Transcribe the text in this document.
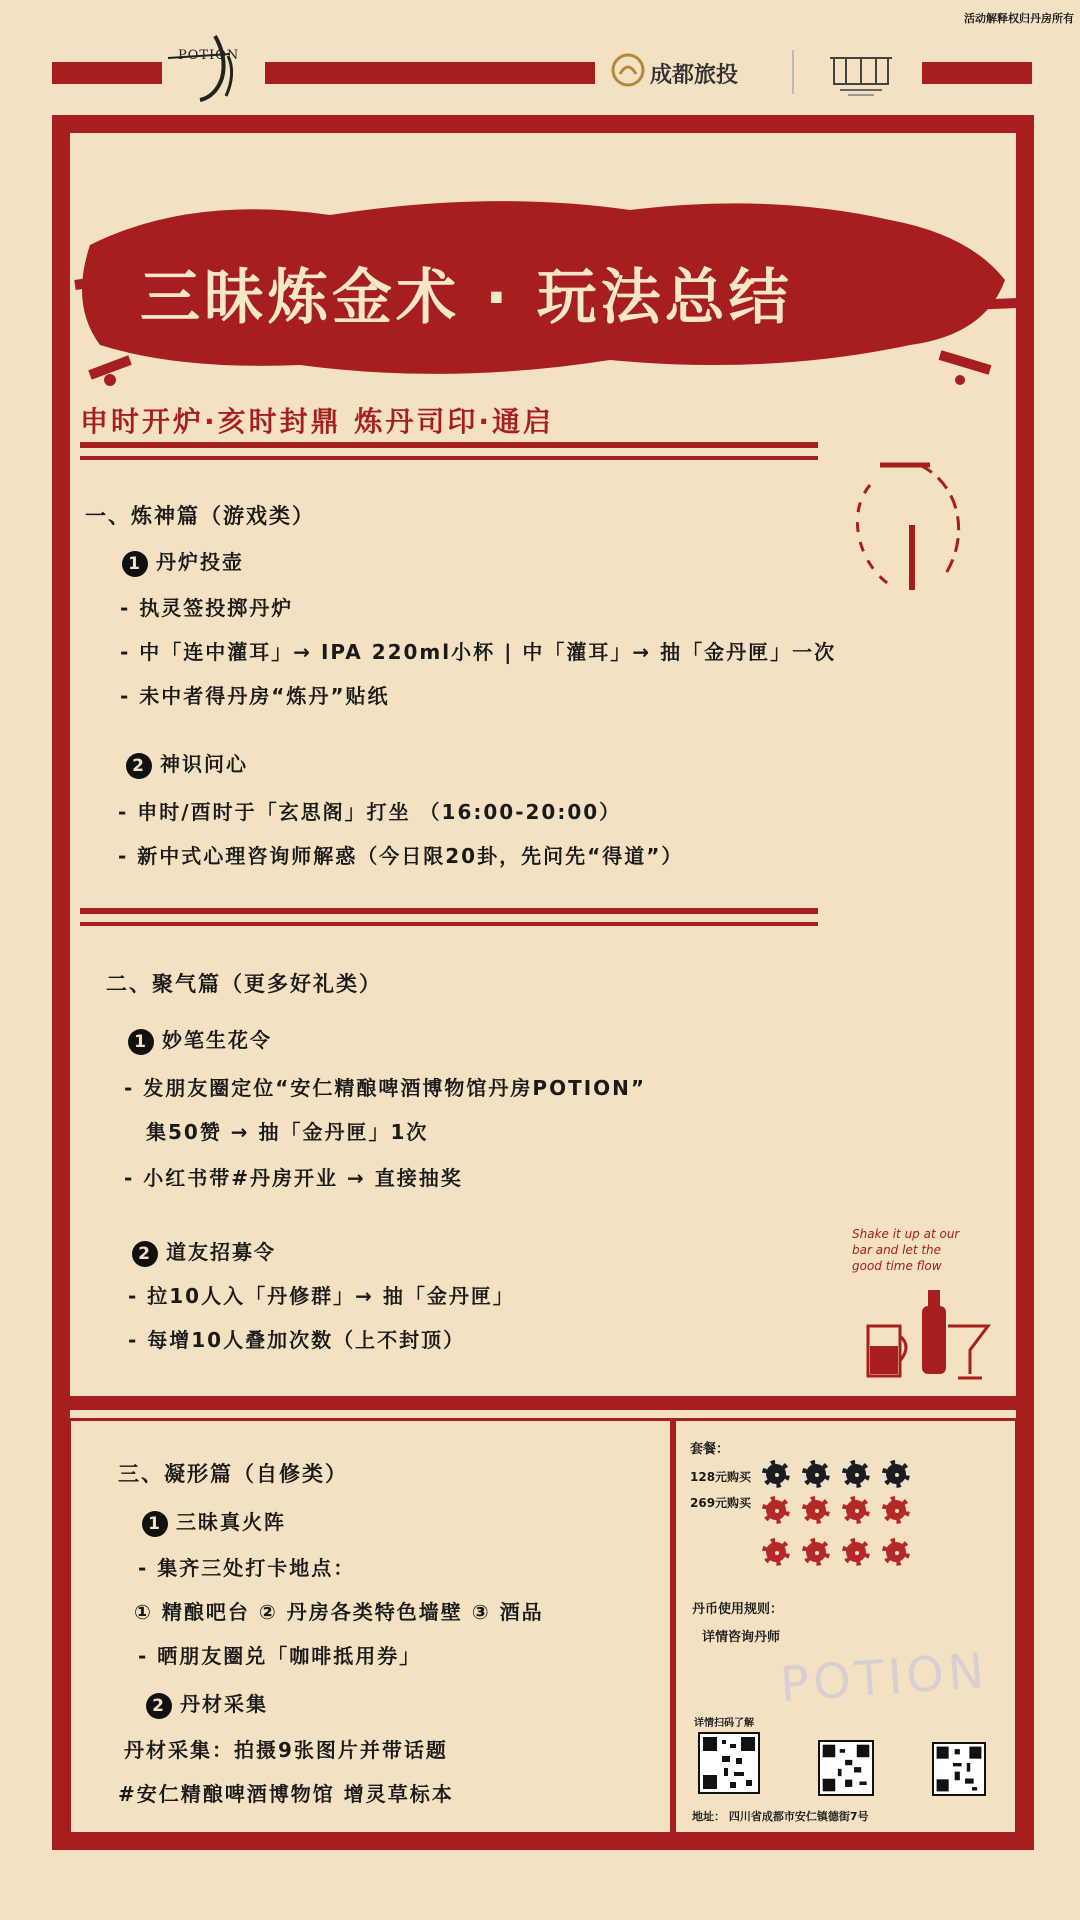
活动解释权归丹房所有
POTION
成都旅投
三昧炼金术 · 玩法总结
申时开炉·亥时封鼎 炼丹司印·通启
一、炼神篇（游戏类）
1 丹炉投壶
- 执灵签投掷丹炉
- 中「连中灌耳」→ IPA 220ml小杯 | 中「灌耳」→ 抽「金丹匣」一次
- 未中者得丹房“炼丹”贴纸
2 神识问心
- 申时/酉时于「玄思阁」打坐 （16:00-20:00）
- 新中式心理咨询师解惑（今日限20卦，先问先“得道”）
二、聚气篇（更多好礼类）
1 妙笔生花令
- 发朋友圈定位“安仁精酿啤酒博物馆丹房POTION”
集50赞 → 抽「金丹匣」1次
- 小红书带#丹房开业 → 直接抽奖
2 道友招募令
- 拉10人入「丹修群」→ 抽「金丹匣」
- 每增10人叠加次数（上不封顶）
Shake it up at our bar and let the good time flow
三、凝形篇（自修类）
1 三昧真火阵
- 集齐三处打卡地点：
① 精酿吧台 ② 丹房各类特色墙壁 ③ 酒品
- 晒朋友圈兑「咖啡抵用券」
2 丹材采集
丹材采集：拍摄9张图片并带话题
#安仁精酿啤酒博物馆 增灵草标本
套餐：
128元购买
269元购买
丹币使用规则：
详情咨询丹师
POTION
详情扫码了解
地址： 四川省成都市安仁镇德街7号
